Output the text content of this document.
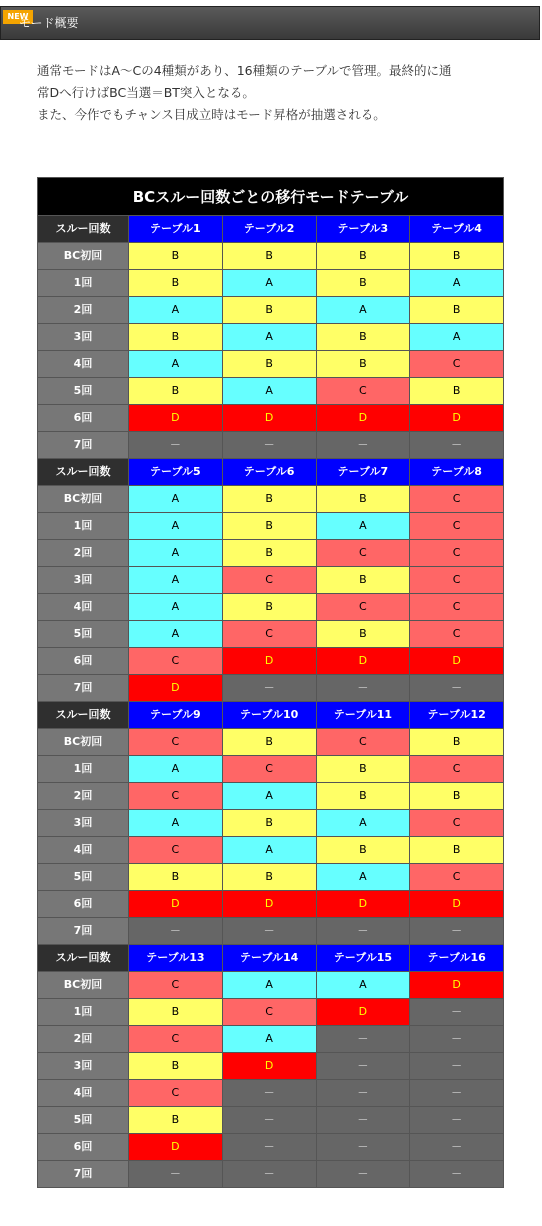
NEW
モード概要
通常モードはA〜Cの4種類があり、16種類のテーブルで管理。最終的に通
常Dへ行けばBC当選＝BT突入となる。
また、今作でもチャンス目成立時はモード昇格が抽選される。
BCスルー回数ごとの移行モードテーブル				
スルー回数	テーブル1	テーブル2	テーブル3	テーブル4
BC初回	B	B	B	B
1回	B	A	B	A
2回	A	B	A	B
3回	B	A	B	A
4回	A	B	B	C
5回	B	A	C	B
6回	D	D	D	D
7回	－	－	－	－
スルー回数	テーブル5	テーブル6	テーブル7	テーブル8
BC初回	A	B	B	C
1回	A	B	A	C
2回	A	B	C	C
3回	A	C	B	C
4回	A	B	C	C
5回	A	C	B	C
6回	C	D	D	D
7回	D	－	－	－
スルー回数	テーブル9	テーブル10	テーブル11	テーブル12
BC初回	C	B	C	B
1回	A	C	B	C
2回	C	A	B	B
3回	A	B	A	C
4回	C	A	B	B
5回	B	B	A	C
6回	D	D	D	D
7回	－	－	－	－
スルー回数	テーブル13	テーブル14	テーブル15	テーブル16
BC初回	C	A	A	D
1回	B	C	D	－
2回	C	A	－	－
3回	B	D	－	－
4回	C	－	－	－
5回	B	－	－	－
6回	D	－	－	－
7回	－	－	－	－
